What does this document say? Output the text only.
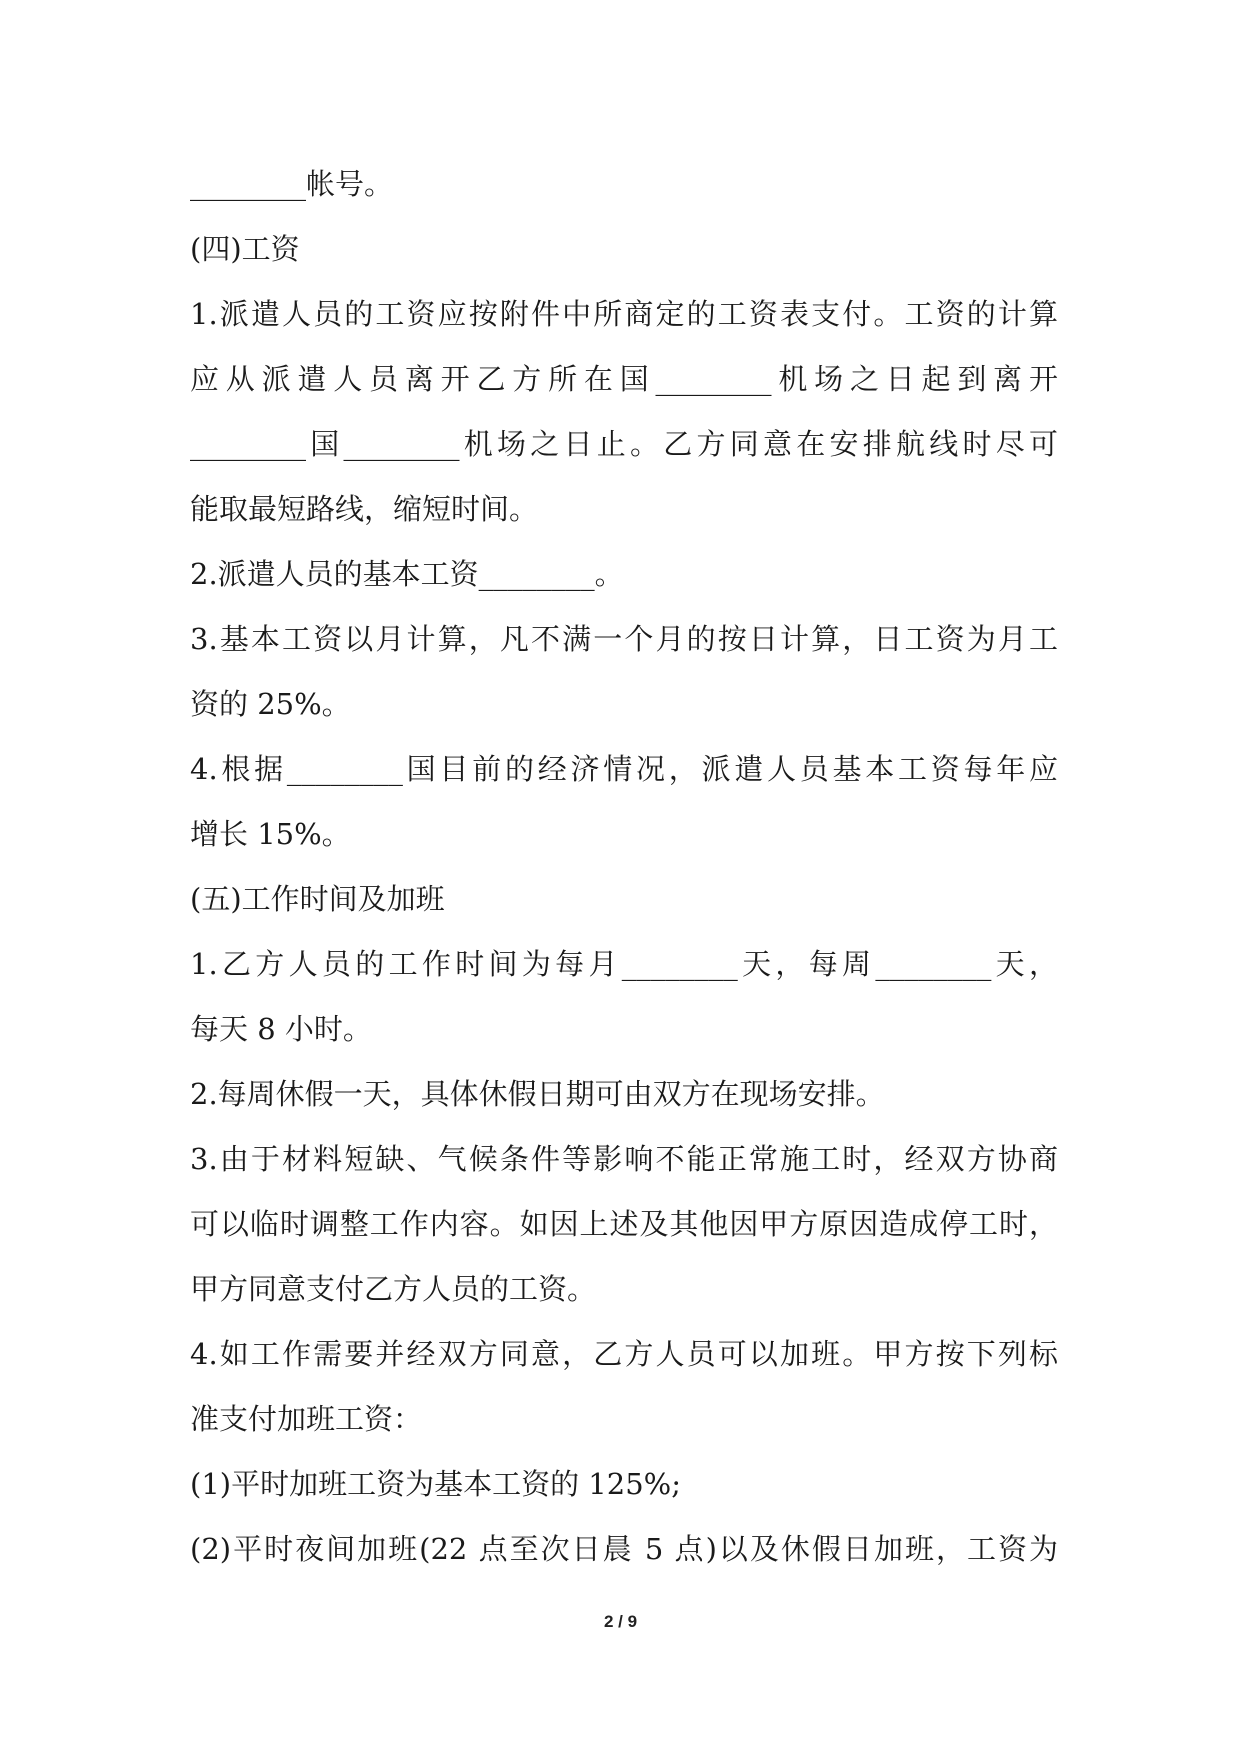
________帐号。
(四)工资
1.派遣人员的工资应按附件中所商定的工资表支付。工资的计算
应从派遣人员离开乙方所在国________机场之日起到离开
________国________机场之日止。乙方同意在安排航线时尽可
能取最短路线，缩短时间。
2.派遣人员的基本工资________。
3.基本工资以月计算，凡不满一个月的按日计算，日工资为月工
资的 25%。
4.根据________国目前的经济情况，派遣人员基本工资每年应
增长 15%。
(五)工作时间及加班
1.乙方人员的工作时间为每月________天，每周________天，
每天 8 小时。
2.每周休假一天，具体休假日期可由双方在现场安排。
3.由于材料短缺、气候条件等影响不能正常施工时，经双方协商
可以临时调整工作内容。如因上述及其他因甲方原因造成停工时，
甲方同意支付乙方人员的工资。
4.如工作需要并经双方同意，乙方人员可以加班。甲方按下列标
准支付加班工资：
(1)平时加班工资为基本工资的 125%;
(2)平时夜间加班(22 点至次日晨 5 点)以及休假日加班，工资为
2 / 9
